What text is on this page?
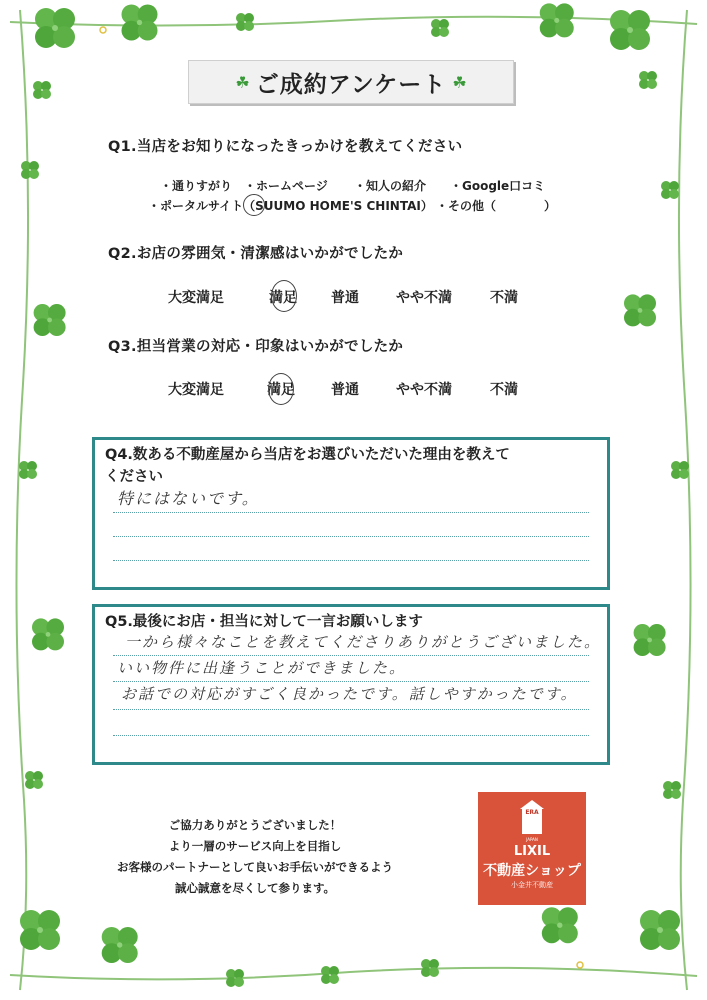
☘ ご成約アンケート ☘
Q1.当店をお知りになったきっかけを教えてください
・通りすがり ・ホームページ ・知人の紹介 ・Google口コミ
・ポータルサイト（SUUMO HOME'S CHINTAI） ・その他（　　　　）
Q2.お店の雰囲気・清潔感はいかがでしたか
大変満足	満足 普通	やや不満	不満
Q3.担当営業の対応・印象はいかがでしたか
大変満足	満足	普通	やや不満	不満
Q4.数ある不動産屋から当店をお選びいただいた理由を教えて
ください
特にはないです。
Q5.最後にお店・担当に対して一言お願いします
一から様々なことを教えてくださりありがとうございました。
いい物件に出逢うことができました。
お話での対応がすごく良かったです。話しやすかったです。
ご協力ありがとうございました！
より一層のサービス向上を目指し
お客様のパートナーとして良いお手伝いができるよう
誠心誠意を尽くして参ります。
ERA
JAPAN
LIXIL
不動産ショップ
小金井不動産
